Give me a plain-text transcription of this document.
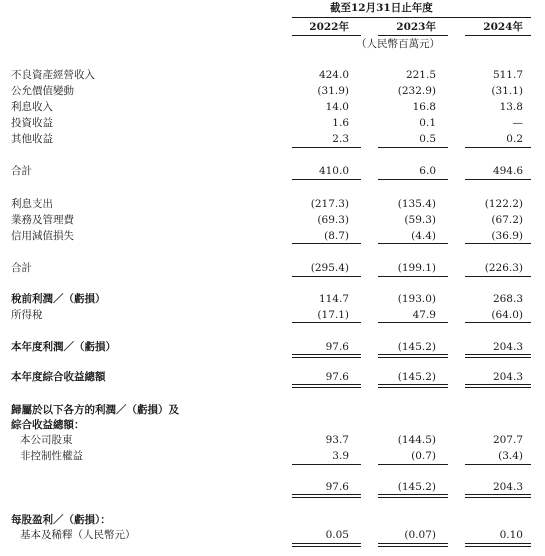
截至12月31日止年度
2022年	2023年	2024年
（人民幣百萬元）
不良資產經營收入	424.0	221.5	511.7
公允價值變動	(31.9)	(232.9)	(31.1)
利息收入	14.0	16.8	13.8
投資收益	1.6	0.1	—
其他收益	2.3	0.5	0.2
合計	410.0	6.0	494.6
利息支出	(217.3)	(135.4)	(122.2)
業務及管理費	(69.3)	(59.3)	(67.2)
信用減值損失	(8.7)	(4.4)	(36.9)
合計	(295.4)	(199.1)	(226.3)
稅前利潤／（虧損）	114.7	(193.0)	268.3
所得稅	(17.1)	47.9	(64.0)
本年度利潤／（虧損）	97.6	(145.2)	204.3
本年度綜合收益總額	97.6	(145.2)	204.3
歸屬於以下各方的利潤／（虧損）及
綜合收益總額：
本公司股東	93.7	(144.5)	207.7
非控制性權益	3.9	(0.7)	(3.4)
97.6	(145.2)	204.3
每股盈利／（虧損）：
基本及稀釋（人民幣元）	0.05	(0.07)	0.10
